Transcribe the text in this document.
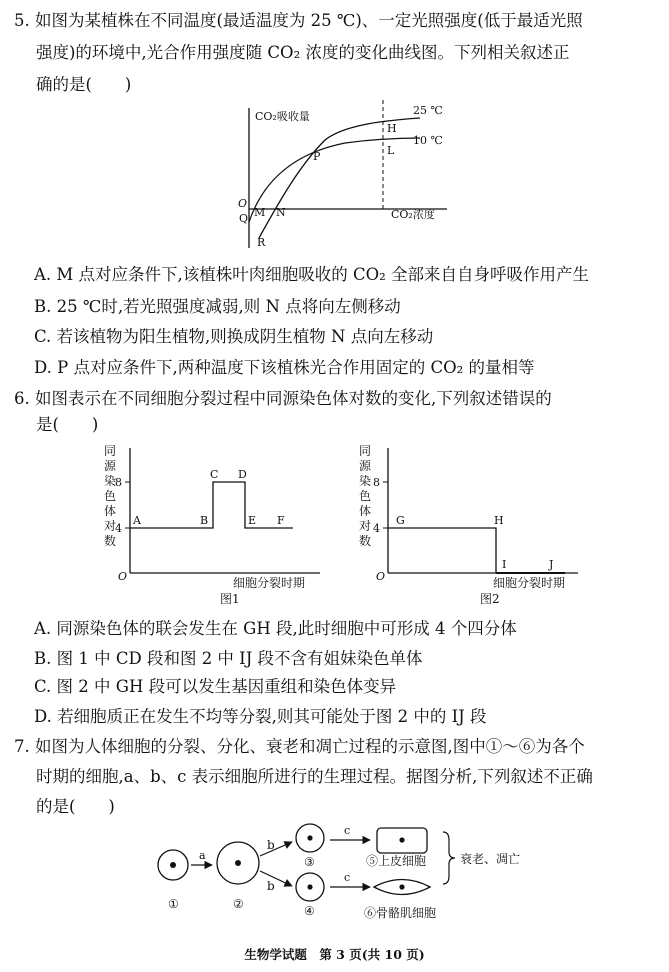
5. 如图为某植株在不同温度(最适温度为 25 ℃)、一定光照强度(低于最适光照
强度)的环境中,光合作用强度随 CO₂ 浓度的变化曲线图。下列相关叙述正
确的是(　　)
CO₂吸收量
CO₂浓度
O
Q M N
R
P
H
L
25 ℃
10 ℃
A. M 点对应条件下,该植株叶肉细胞吸收的 CO₂ 全部来自自身呼吸作用产生
B. 25 ℃时,若光照强度减弱,则 N 点将向左侧移动
C. 若该植物为阳生植物,则换成阴生植物 N 点向左移动
D. P 点对应条件下,两种温度下该植株光合作用固定的 CO₂ 的量相等
6. 如图表示在不同细胞分裂过程中同源染色体对数的变化,下列叙述错误的
是(　　)
同
源
染
色
体
对
数
8
4
O
A	B
C D
E F
细胞分裂时期
图1
同
源
染
色
体
对
数
8
4
O
G	H
I	J
细胞分裂时期
图2
A. 同源染色体的联会发生在 GH 段,此时细胞中可形成 4 个四分体
B. 图 1 中 CD 段和图 2 中 IJ 段不含有姐妹染色单体
C. 图 2 中 GH 段可以发生基因重组和染色体变异
D. 若细胞质正在发生不均等分裂,则其可能处于图 2 中的 IJ 段
7. 如图为人体细胞的分裂、分化、衰老和凋亡过程的示意图,图中①～⑥为各个
时期的细胞,a、b、c 表示细胞所进行的生理过程。据图分析,下列叙述不正确
的是(　　)
①
a
②
b
b
③
④
c
c
⑤上皮细胞
⑥骨骼肌细胞
衰老、凋亡
生物学试题　第 3 页(共 10 页)
